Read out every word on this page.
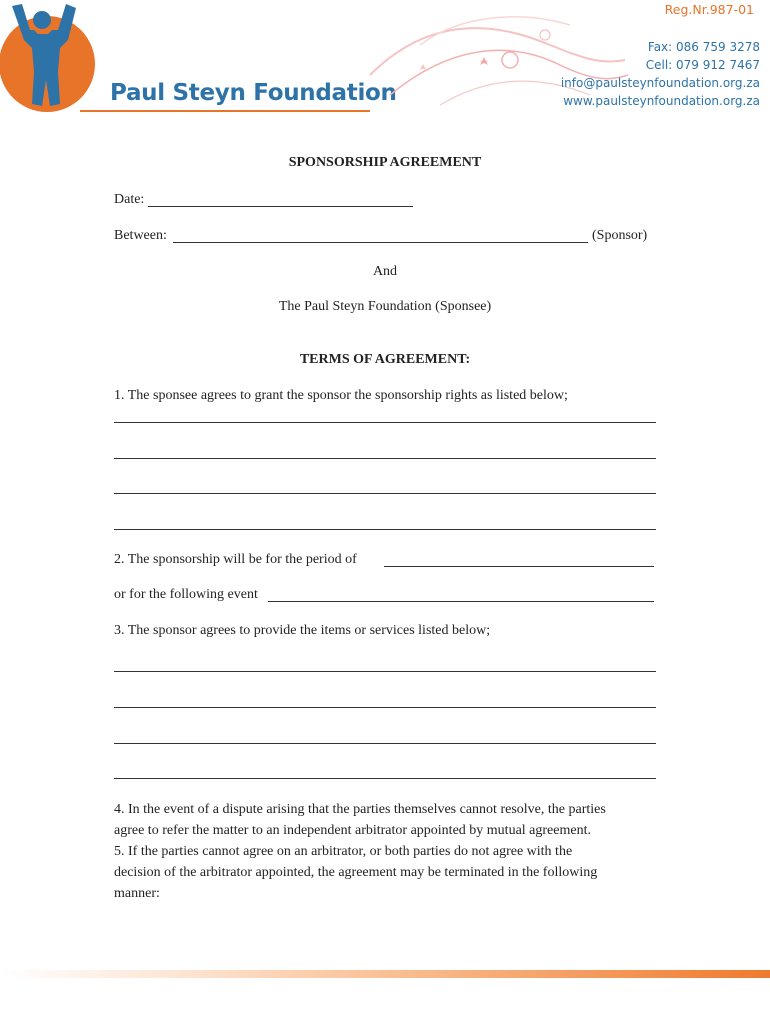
Paul Steyn Foundation
Reg.Nr.987-01
Fax: 086 759 3278
Cell: 079 912 7467
info@paulsteynfoundation.org.za
www.paulsteynfoundation.org.za
SPONSORSHIP AGREEMENT
Date:
Between:	(Sponsor)
And
The Paul Steyn Foundation (Sponsee)
TERMS OF AGREEMENT:
1. The sponsee agrees to grant the sponsor the sponsorship rights as listed below;
2. The sponsorship will be for the period of
or for the following event
3. The sponsor agrees to provide the items or services listed below;
4. In the event of a dispute arising that the parties themselves cannot resolve, the parties
agree to refer the matter to an independent arbitrator appointed by mutual agreement.
5. If the parties cannot agree on an arbitrator, or both parties do not agree with the
decision of the arbitrator appointed, the agreement may be terminated in the following
manner:
